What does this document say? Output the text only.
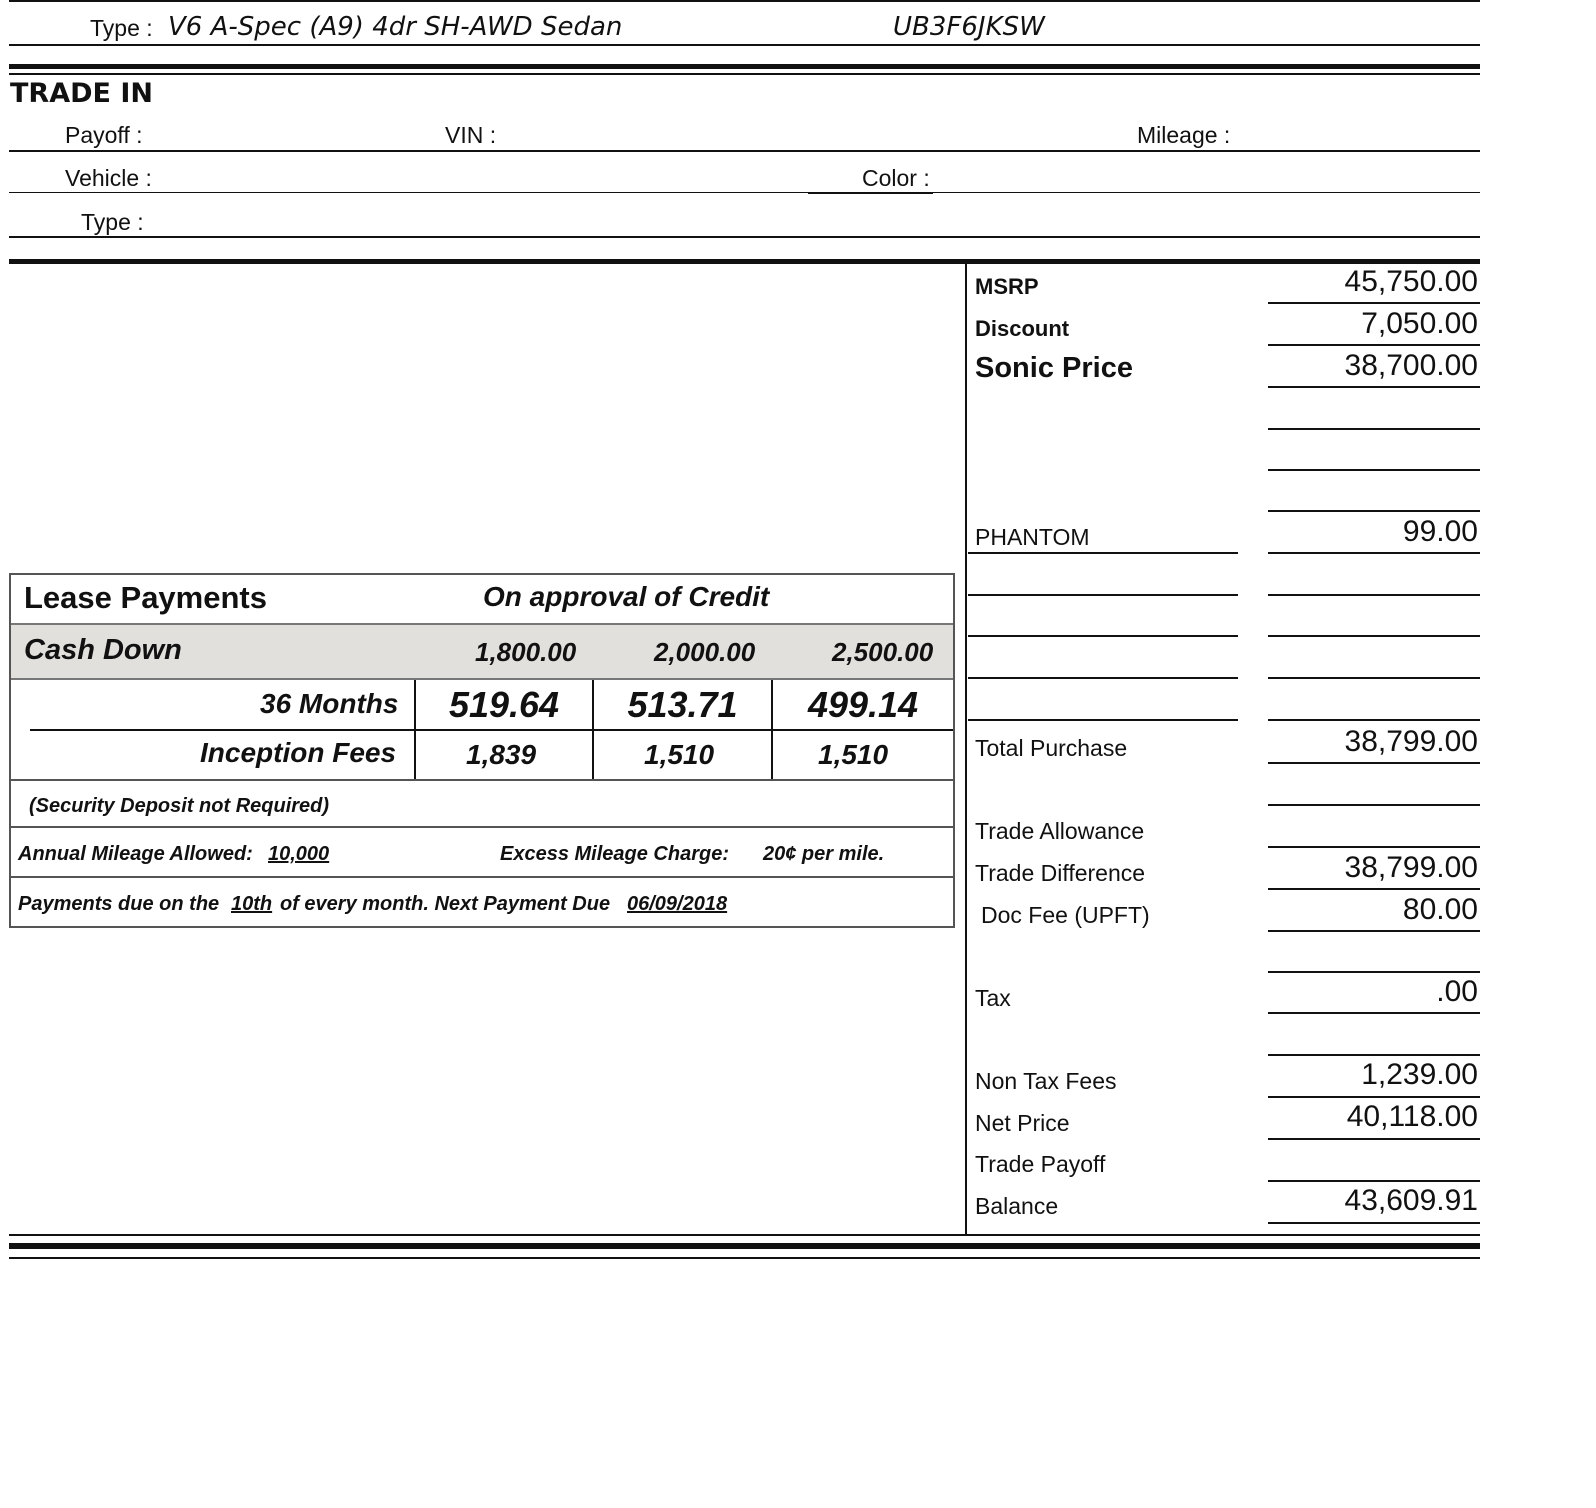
Type : V6 A-Spec (A9) 4dr SH-AWD Sedan	UB3F6JKSW
TRADE IN
Payoff :	VIN :	Mileage :
Vehicle :	Color :
Type :
MSRP	45,750.00
Discount	7,050.00
Sonic Price	38,700.00
PHANTOM	99.00
Total Purchase	38,799.00
Trade Allowance
Trade Difference	38,799.00
Doc Fee (UPFT)	80.00
Tax	.00
Non Tax Fees	1,239.00
Net Price	40,118.00
Trade Payoff
Balance	43,609.91
Lease Payments	On approval of Credit
Cash Down	1,800.00	2,000.00	2,500.00
36 Months	519.64	513.71	499.14
Inception Fees	1,839	1,510	1,510
(Security Deposit not Required)
Annual Mileage Allowed: 10,000	Excess Mileage Charge: 20¢ per mile.
Payments due on the 10th of every month. Next Payment Due 06/09/2018
